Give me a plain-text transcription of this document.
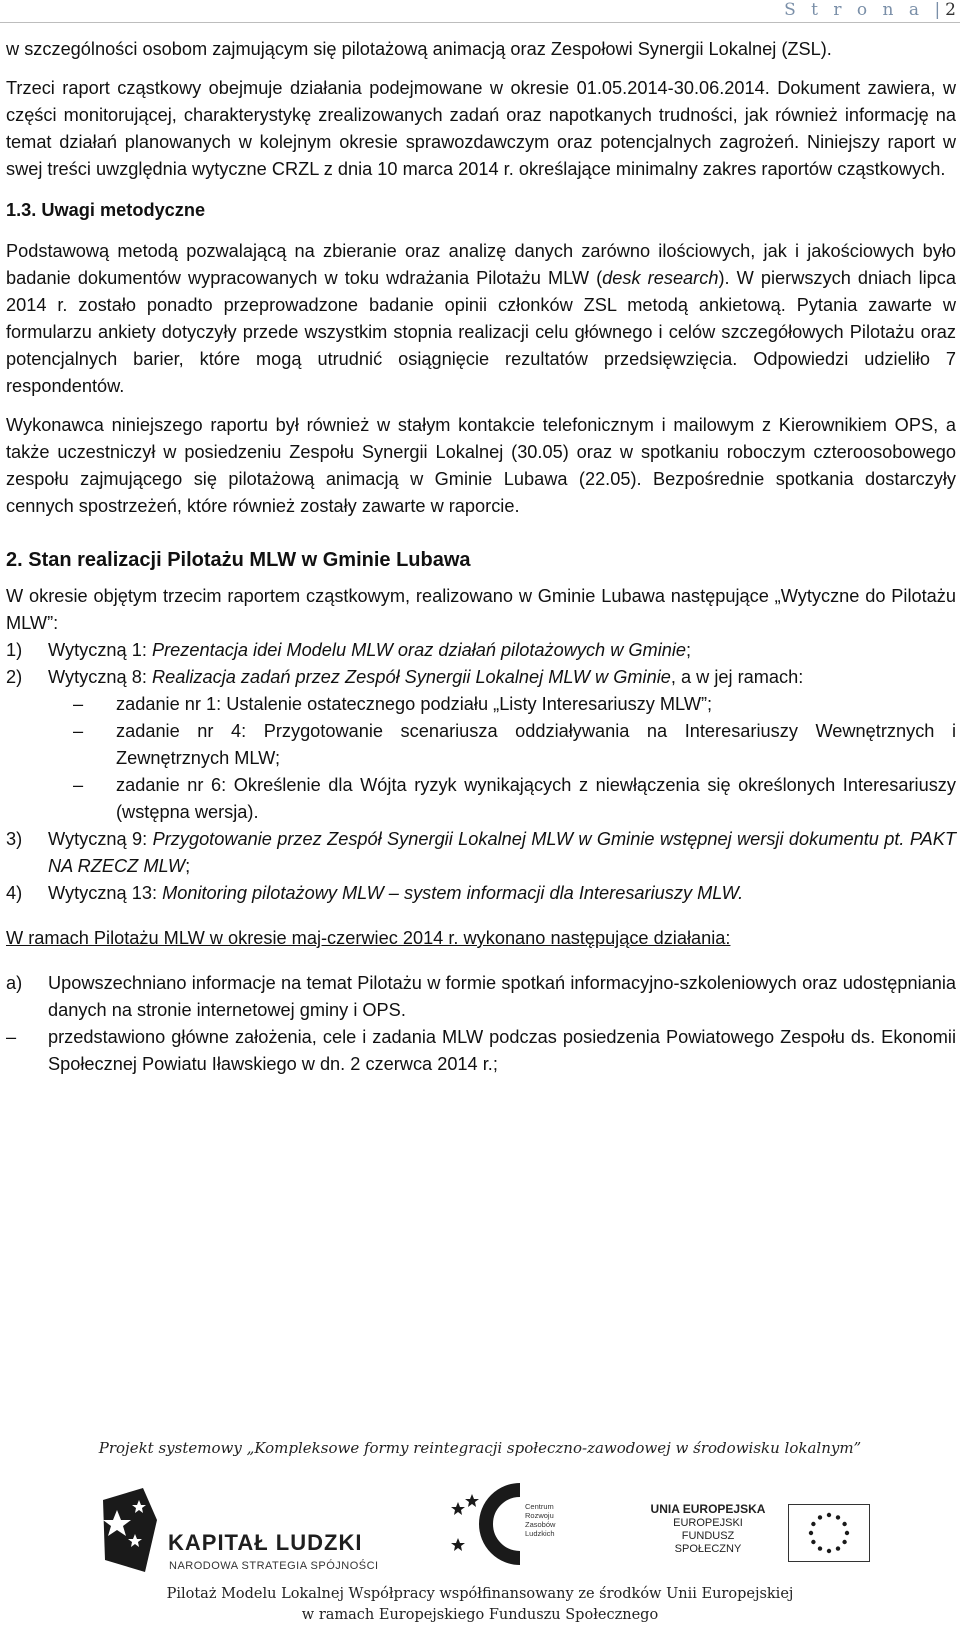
S t r o n a |2

w szczególności osobom zajmującym się pilotażową animacją oraz Zespołowi Synergii Lokalnej (ZSL).

Trzeci raport cząstkowy obejmuje działania podejmowane w okresie 01.05.2014-30.06.2014. Dokument zawiera, w części monitorującej, charakterystykę zrealizowanych zadań oraz napotkanych trudności, jak również informację na temat działań planowanych w kolejnym okresie sprawozdawczym oraz potencjalnych zagrożeń. Niniejszy raport w swej treści uwzględnia wytyczne CRZL z dnia 10 marca 2014 r. określające minimalny zakres raportów cząstkowych.

1.3. Uwagi metodyczne

Podstawową metodą pozwalającą na zbieranie oraz analizę danych zarówno ilościowych, jak i jakościowych było badanie dokumentów wypracowanych w toku wdrażania Pilotażu MLW (desk research). W pierwszych dniach lipca 2014 r. zostało ponadto przeprowadzone badanie opinii członków ZSL metodą ankietową. Pytania zawarte w formularzu ankiety dotyczyły przede wszystkim stopnia realizacji celu głównego i celów szczegółowych Pilotażu oraz potencjalnych barier, które mogą utrudnić osiągnięcie rezultatów przedsięwzięcia. Odpowiedzi udzieliło 7 respondentów.

Wykonawca niniejszego raportu był również w stałym kontakcie telefonicznym i mailowym z Kierownikiem OPS, a także uczestniczył w posiedzeniu Zespołu Synergii Lokalnej (30.05) oraz w spotkaniu roboczym czteroosobowego zespołu zajmującego się pilotażową animacją w Gminie Lubawa (22.05). Bezpośrednie spotkania dostarczyły cennych spostrzeżeń, które również zostały zawarte w raporcie.

2. Stan realizacji Pilotażu MLW w Gminie Lubawa

W okresie objętym trzecim raportem cząstkowym, realizowano w Gminie Lubawa następujące „Wytyczne do Pilotażu MLW”:

1) Wytyczną 1: Prezentacja idei Modelu MLW oraz działań pilotażowych w Gminie;
2) Wytyczną 8: Realizacja zadań przez Zespół Synergii Lokalnej MLW w Gminie, a w jej ramach:
– zadanie nr 1: Ustalenie ostatecznego podziału „Listy Interesariuszy MLW”;
– zadanie nr 4: Przygotowanie scenariusza oddziaływania na Interesariuszy Wewnętrznych i Zewnętrznych MLW;
– zadanie nr 6: Określenie dla Wójta ryzyk wynikających z niewłączenia się określonych Interesariuszy (wstępna wersja).
3) Wytyczną 9: Przygotowanie przez Zespół Synergii Lokalnej MLW w Gminie wstępnej wersji dokumentu pt. PAKT NA RZECZ MLW;
4) Wytyczną 13: Monitoring pilotażowy MLW – system informacji dla Interesariuszy MLW.

W ramach Pilotażu MLW w okresie maj-czerwiec 2014 r. wykonano następujące działania:

a) Upowszechniano informacje na temat Pilotażu w formie spotkań informacyjno-szkoleniowych oraz udostępniania danych na stronie internetowej gminy i OPS.
– przedstawiono główne założenia, cele i zadania MLW podczas posiedzenia Powiatowego Zespołu ds. Ekonomii Społecznej Powiatu Iławskiego w dn. 2 czerwca 2014 r.;
Projekt systemowy „Kompleksowe formy reintegracji społeczno-zawodowej w środowisku lokalnym”
KAPITAŁ LUDZKI
NARODOWA STRATEGIA SPÓJNOŚCI
Centrum
Rozwoju
Zasobów
Ludzkich
UNIA EUROPEJSKA
EUROPEJSKI
FUNDUSZ SPOŁECZNY
Pilotaż Modelu Lokalnej Współpracy współfinansowany ze środków Unii Europejskiej
w ramach Europejskiego Funduszu Społecznego
